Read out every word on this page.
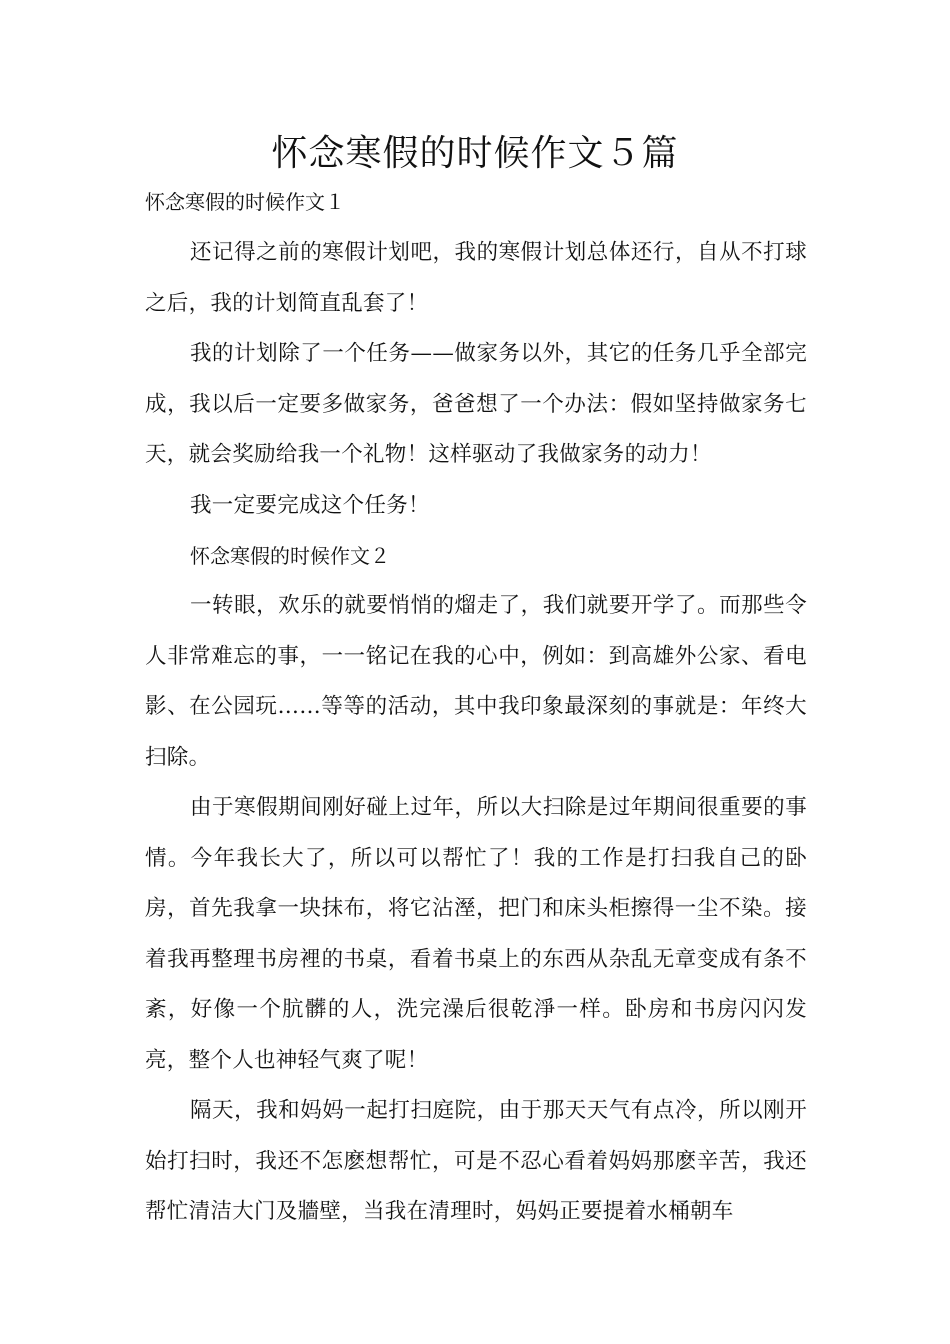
怀念寒假的时候作文５篇

怀念寒假的时候作文１

还记得之前的寒假计划吧，我的寒假计划总体还行，自从不打球之后，我的计划简直乱套了！

我的计划除了一个任务——做家务以外，其它的任务几乎全部完成，我以后一定要多做家务，爸爸想了一个办法：假如坚持做家务七天，就会奖励给我一个礼物！这样驱动了我做家务的动力！

我一定要完成这个任务！

怀念寒假的时候作文２

一转眼，欢乐的就要悄悄的熘走了，我们就要开学了。而那些令人非常难忘的事，一一铭记在我的心中，例如：到高雄外公家、看电影、在公园玩……等等的活动，其中我印象最深刻的事就是：年终大扫除。

由于寒假期间刚好碰上过年，所以大扫除是过年期间很重要的事情。今年我长大了，所以可以帮忙了！我的工作是打扫我自己的卧房，首先我拿一块抹布，将它沾溼，把门和床头柜擦得一尘不染。接着我再整理书房裡的书桌，看着书桌上的东西从杂乱无章变成有条不紊，好像一个肮髒的人，洗完澡后很乾淨一样。卧房和书房闪闪发亮，整个人也神轻气爽了呢！

隔天，我和妈妈一起打扫庭院，由于那天天气有点冷，所以刚开始打扫时，我还不怎麽想帮忙，可是不忍心看着妈妈那麽辛苦，我还帮忙清洁大门及牆壁，当我在清理时，妈妈正要提着水桶朝车
